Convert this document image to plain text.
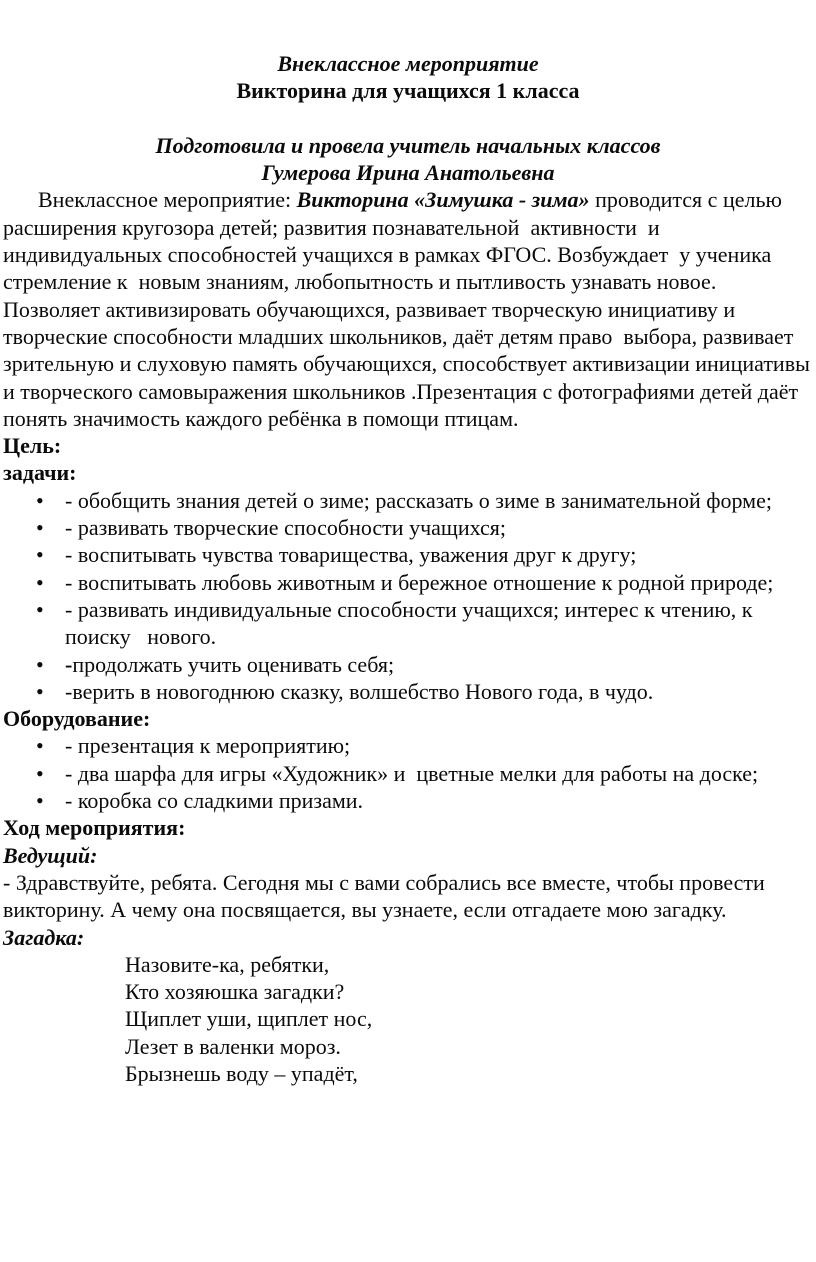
Внеклассное мероприятие
Викторина для учащихся 1 класса
Подготовила и провела учитель начальных классов
Гумерова Ирина Анатольевна

Внеклассное мероприятие: Викторина «Зимушка - зима» проводится с целью расширения кругозора детей; развития познавательной  активности  и индивидуальных способностей учащихся в рамках ФГОС. Возбуждает  у ученика стремление к  новым знаниям, любопытность и пытливость узнавать новое. Позволяет активизировать обучающихся, развивает творческую инициативу и творческие способности младших школьников, даёт детям право  выбора, развивает зрительную и слуховую память обучающихся, способствует активизации инициативы и творческого самовыражения школьников .Презентация с фотографиями детей даёт понять значимость каждого ребёнка в помощи птицам.

Цель:
задачи:
• - обобщить знания детей о зиме; рассказать о зиме в занимательной форме;
• - развивать творческие способности учащихся;
• - воспитывать чувства товарищества, уважения друг к другу;
• - воспитывать любовь животным и бережное отношение к родной природе;
• - развивать индивидуальные способности учащихся; интерес к чтению, к поиску   нового.
• -продолжать учить оценивать себя;
• -верить в новогоднюю сказку, волшебство Нового года, в чудо.
Оборудование:
• - презентация к мероприятию;
• - два шарфа для игры «Художник» и  цветные мелки для работы на доске;
• - коробка со сладкими призами.
Ход мероприятия:
Ведущий:

- Здравствуйте, ребята. Сегодня мы с вами собрались все вместе, чтобы провести  викторину. А чему она посвящается, вы узнаете, если отгадаете мою загадку.

Загадка:
Назовите-ка, ребятки,
Кто хозяюшка загадки?
Щиплет уши, щиплет нос,
Лезет в валенки мороз.
Брызнешь воду – упадёт,
